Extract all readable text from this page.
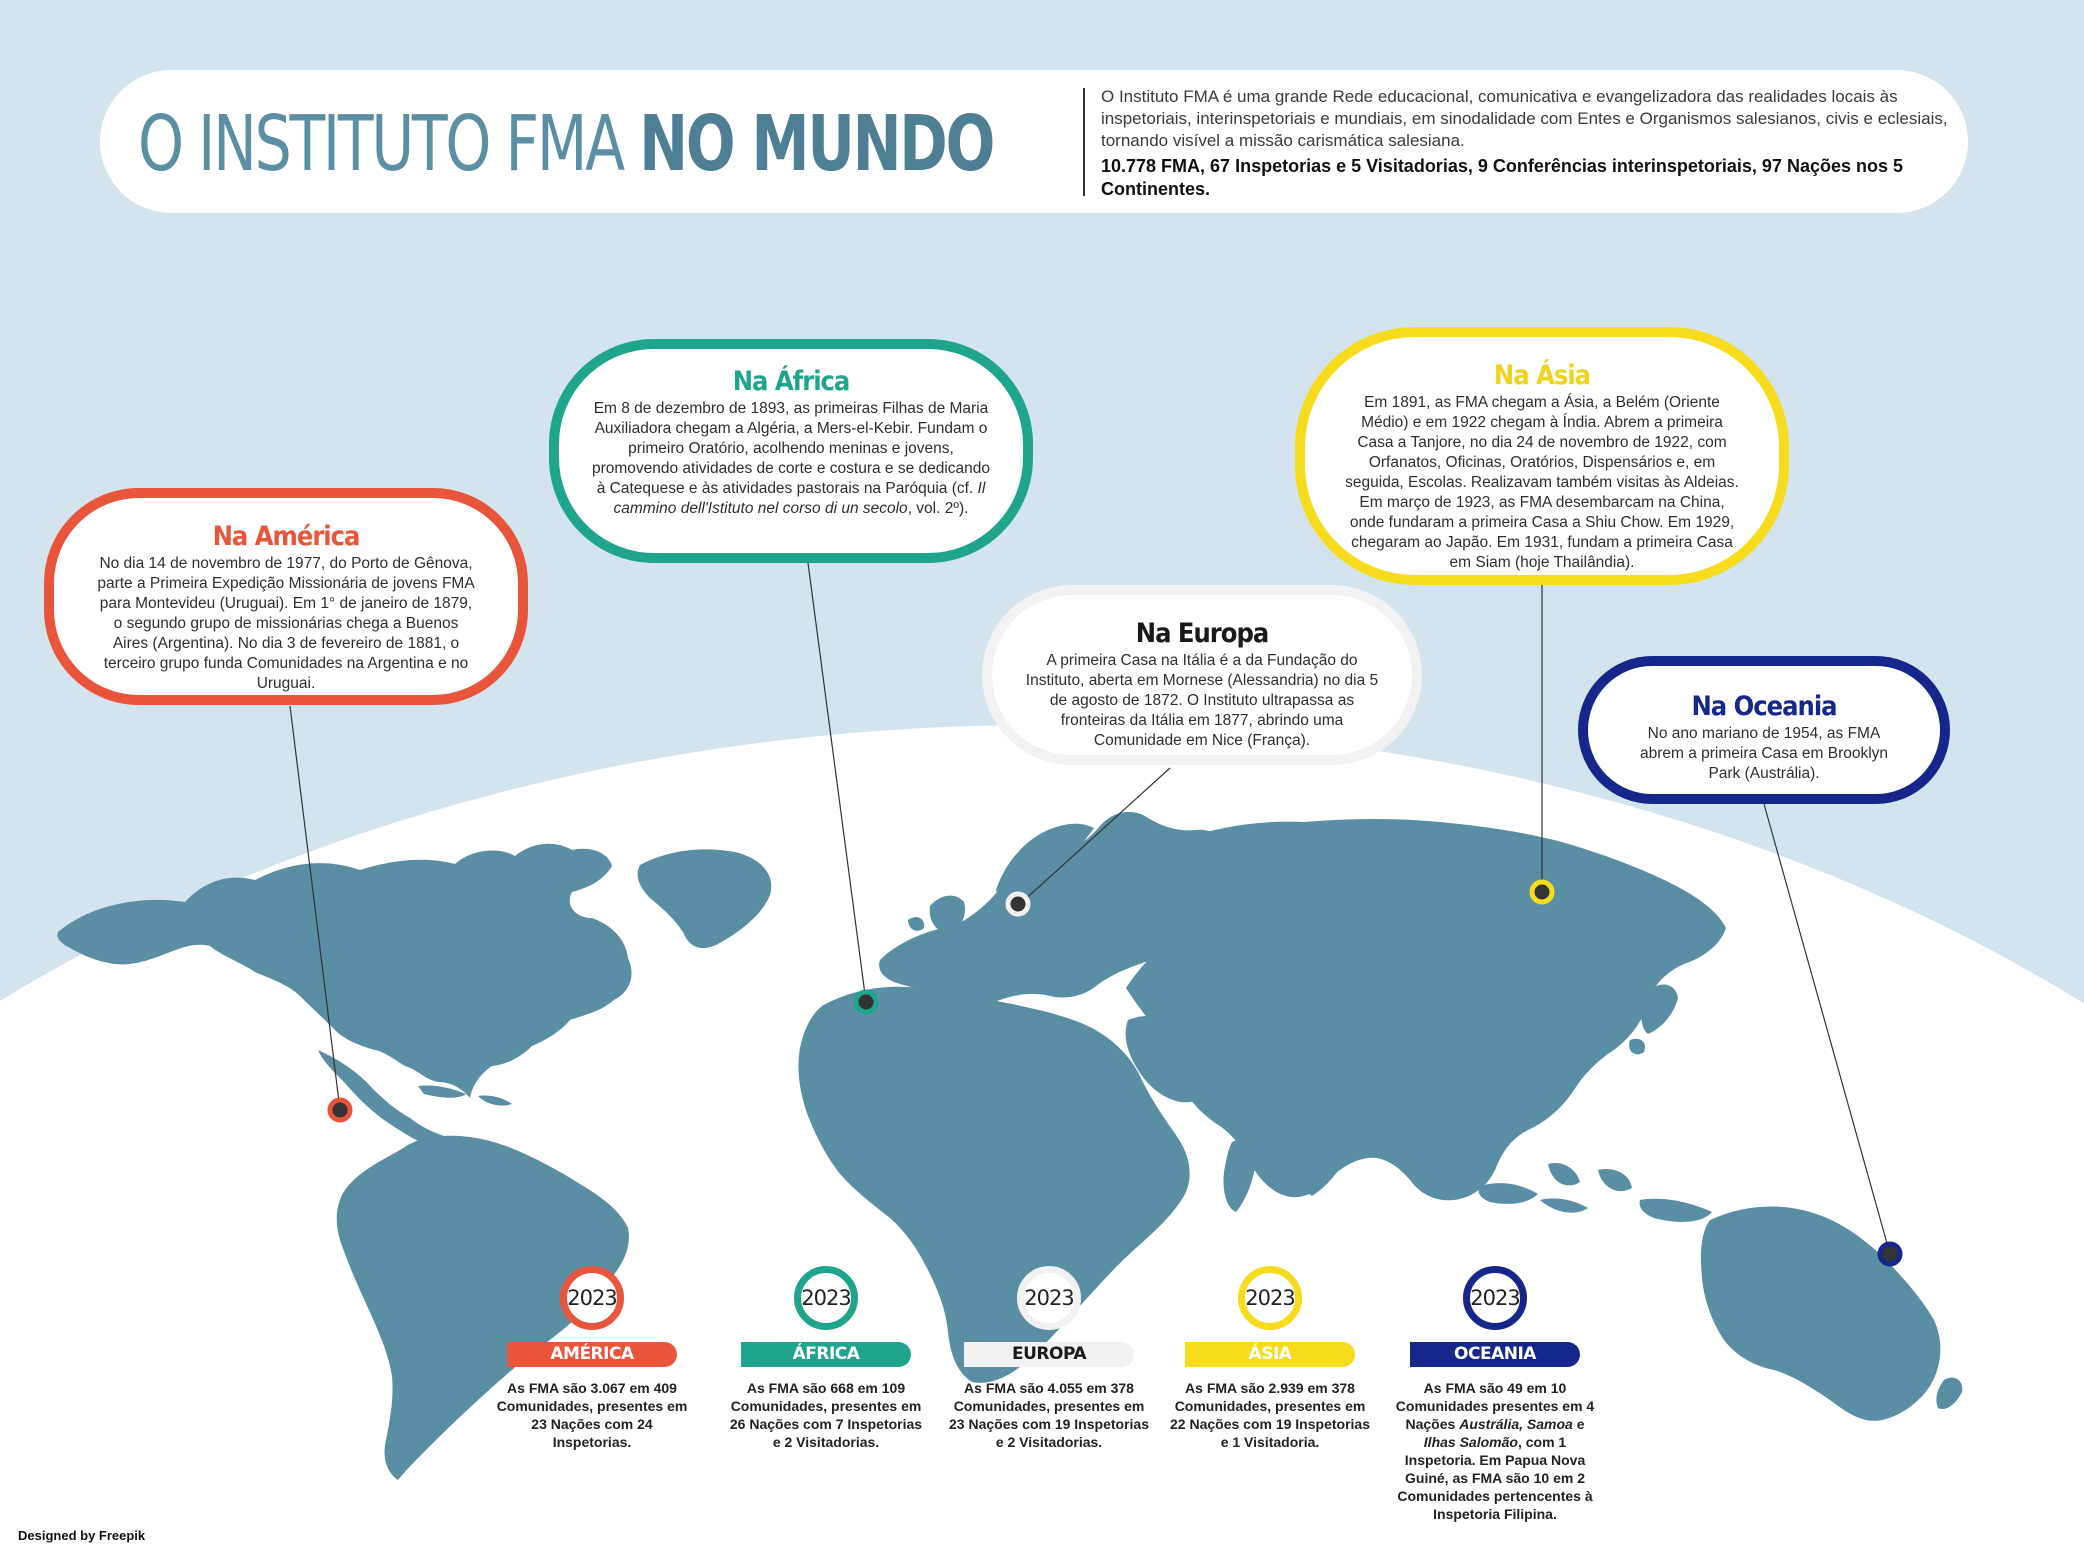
O INSTITUTO FMA NO MUNDO

O Instituto FMA é uma grande Rede educacional, comunicativa e evangelizadora das realidades locais às inspetoriais, interinspetoriais e mundiais, em sinodalidade com Entes e Organismos salesianos, civis e eclesiais, tornando visível a missão carismática salesiana.

10.778 FMA, 67 Inspetorias e 5 Visitadorias, 9 Conferências interinspetoriais, 97 Nações nos 5 Continentes.

Na América

No dia 14 de novembro de 1977, do Porto de Gênova, parte a Primeira Expedição Missionária de jovens FMA para Montevideu (Uruguai). Em 1° de janeiro de 1879, o segundo grupo de missionárias chega a Buenos Aires (Argentina). No dia 3 de fevereiro de 1881, o terceiro grupo funda Comunidades na Argentina e no Uruguai.

Na África

Em 8 de dezembro de 1893, as primeiras Filhas de Maria Auxiliadora chegam a Algéria, a Mers-el-Kebir. Fundam o primeiro Oratório, acolhendo meninas e jovens, promovendo atividades de corte e costura e se dedicando à Catequese e às atividades pastorais na Paróquia (cf. Il cammino dell'Istituto nel corso di un secolo, vol. 2º).

Na Europa

A primeira Casa na Itália é a da Fundação do Instituto, aberta em Mornese (Alessandria) no dia 5 de agosto de 1872. O Instituto ultrapassa as fronteiras da Itália em 1877, abrindo uma Comunidade em Nice (França).

Na Ásia

Em 1891, as FMA chegam a Ásia, a Belém (Oriente Médio) e em 1922 chegam à Índia. Abrem a primeira Casa a Tanjore, no dia 24 de novembro de 1922, com Orfanatos, Oficinas, Oratórios, Dispensários e, em seguida, Escolas. Realizavam também visitas às Aldeias. Em março de 1923, as FMA desembarcam na China, onde fundaram a primeira Casa a Shiu Chow. Em 1929, chegaram ao Japão. Em 1931, fundam a primeira Casa em Siam (hoje Thailândia).

Na Oceania

No ano mariano de 1954, as FMA abrem a primeira Casa em Brooklyn Park (Austrália).

2023
AMÉRICA

As FMA são 3.067 em 409 Comunidades, presentes em 23 Nações com 24 Inspetorias.

2023
ÁFRICA

As FMA são 668 em 109 Comunidades, presentes em 26 Nações com 7 Inspetorias e 2 Visitadorias.

2023
EUROPA

As FMA são 4.055 em 378 Comunidades, presentes em 23 Nações com 19 Inspetorias e 2 Visitadorias.

2023
ÁSIA

As FMA são 2.939 em 378 Comunidades, presentes em 22 Nações com 19 Inspetorias e 1 Visitadoria.

2023
OCEANIA

As FMA são 49 em 10 Comunidades presentes em 4 Nações Austrália, Samoa e Ilhas Salomão, com 1 Inspetoria. Em Papua Nova Guiné, as FMA são 10 em 2 Comunidades pertencentes à Inspetoria Filipina.

Designed by Freepik
